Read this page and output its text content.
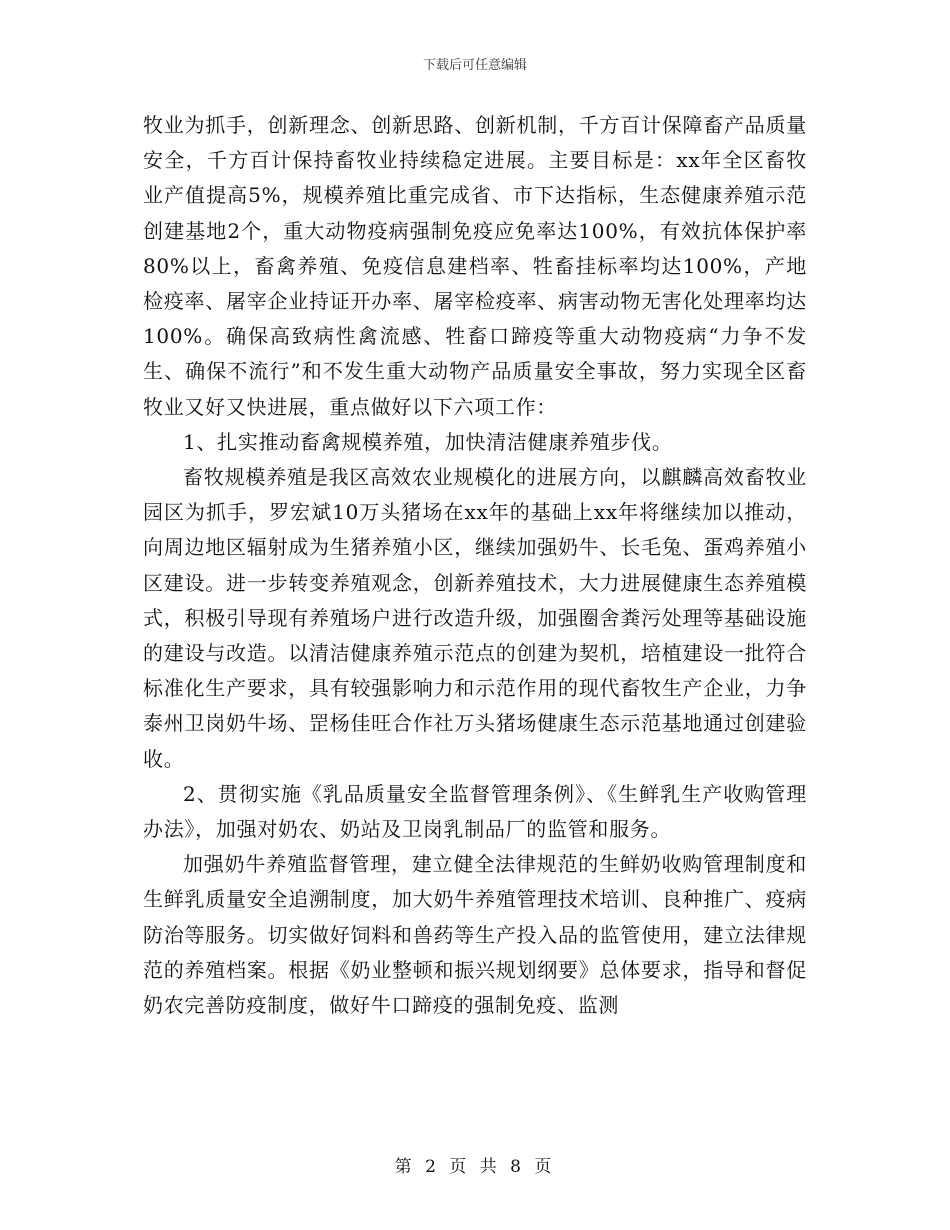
下载后可任意编辑

牧业为抓手，创新理念、创新思路、创新机制，千方百计保障畜产品质量安全，千方百计保持畜牧业持续稳定进展。主要目标是：xx年全区畜牧业产值提高5%，规模养殖比重完成省、市下达指标，生态健康养殖示范创建基地2个，重大动物疫病强制免疫应免率达100%，有效抗体保护率80%以上，畜禽养殖、免疫信息建档率、牲畜挂标率均达100%，产地检疫率、屠宰企业持证开办率、屠宰检疫率、病害动物无害化处理率均达100%。确保高致病性禽流感、牲畜口蹄疫等重大动物疫病“力争不发生、确保不流行”和不发生重大动物产品质量安全事故，努力实现全区畜牧业又好又快进展，重点做好以下六项工作：

1、扎实推动畜禽规模养殖，加快清洁健康养殖步伐。

畜牧规模养殖是我区高效农业规模化的进展方向，以麒麟高效畜牧业园区为抓手，罗宏斌10万头猪场在xx年的基础上xx年将继续加以推动，向周边地区辐射成为生猪养殖小区，继续加强奶牛、长毛兔、蛋鸡养殖小区建设。进一步转变养殖观念，创新养殖技术，大力进展健康生态养殖模式，积极引导现有养殖场户进行改造升级，加强圈舍粪污处理等基础设施的建设与改造。以清洁健康养殖示范点的创建为契机，培植建设一批符合标准化生产要求，具有较强影响力和示范作用的现代畜牧生产企业，力争泰州卫岗奶牛场、罡杨佳旺合作社万头猪场健康生态示范基地通过创建验收。

2、贯彻实施《乳品质量安全监督管理条例》、《生鲜乳生产收购管理办法》，加强对奶农、奶站及卫岗乳制品厂的监管和服务。

加强奶牛养殖监督管理，建立健全法律规范的生鲜奶收购管理制度和生鲜乳质量安全追溯制度，加大奶牛养殖管理技术培训、良种推广、疫病防治等服务。切实做好饲料和兽药等生产投入品的监管使用，建立法律规范的养殖档案。根据《奶业整顿和振兴规划纲要》总体要求，指导和督促奶农完善防疫制度，做好牛口蹄疫的强制免疫、监测

第 2 页 共 8 页
